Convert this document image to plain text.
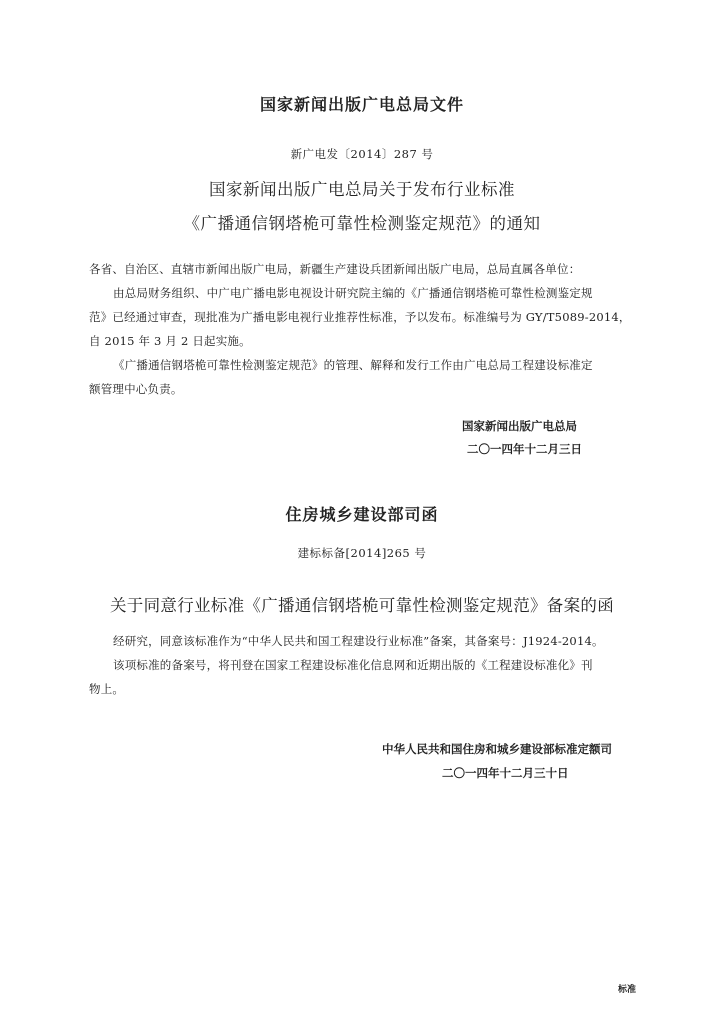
国家新闻出版广电总局文件
新广电发〔2014〕287 号
国家新闻出版广电总局关于发布行业标准
《广播通信钢塔桅可靠性检测鉴定规范》的通知
各省、自治区、直辖市新闻出版广电局，新疆生产建设兵团新闻出版广电局，总局直属各单位：
由总局财务组织、中广电广播电影电视设计研究院主编的《广播通信钢塔桅可靠性检测鉴定规
范》已经通过审查，现批准为广播电影电视行业推荐性标准，予以发布。标准编号为 GY/T5089-2014，
自 2015 年 3 月 2 日起实施。
《广播通信钢塔桅可靠性检测鉴定规范》的管理、解释和发行工作由广电总局工程建设标准定
额管理中心负责。
国家新闻出版广电总局
二〇一四年十二月三日
住房城乡建设部司函
建标标备[2014]265 号
关于同意行业标准《广播通信钢塔桅可靠性检测鉴定规范》备案的函
经研究，同意该标准作为“中华人民共和国工程建设行业标准”备案，其备案号：J1924-2014。
该项标准的备案号，将刊登在国家工程建设标准化信息网和近期出版的《工程建设标准化》刊
物上。
中华人民共和国住房和城乡建设部标准定额司
二〇一四年十二月三十日
标准
